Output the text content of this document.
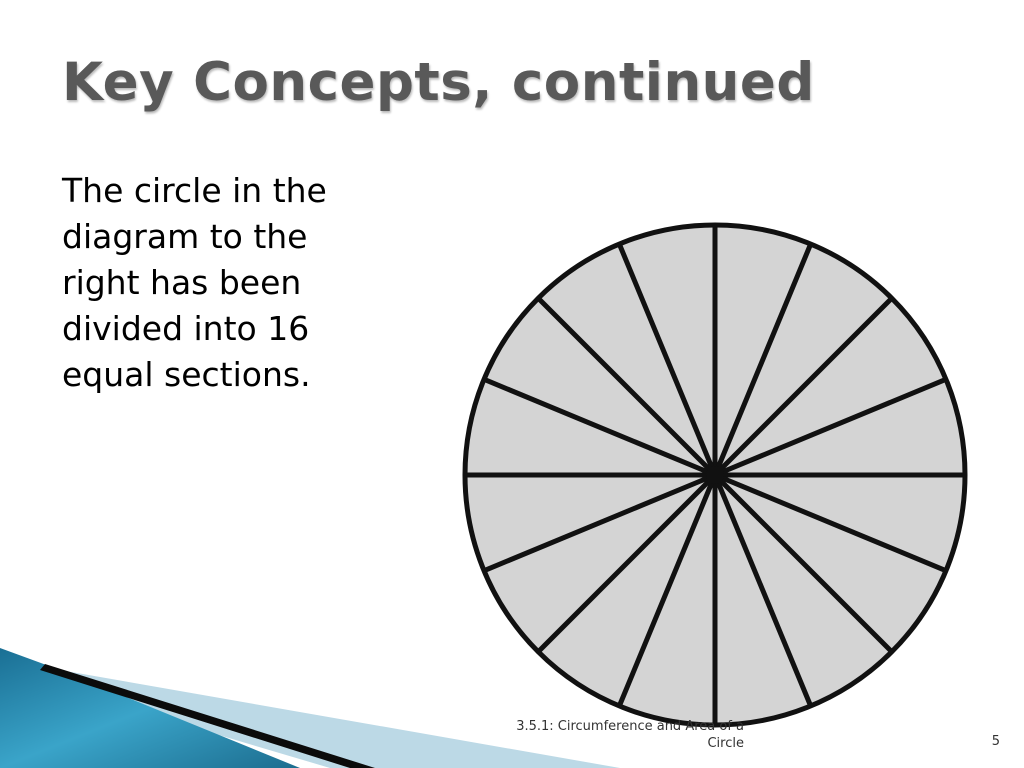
Key Concepts, continued
The circle in the diagram to the right has been divided into 16 equal sections.
3.5.1: Circumference and Area of a Circle	5
